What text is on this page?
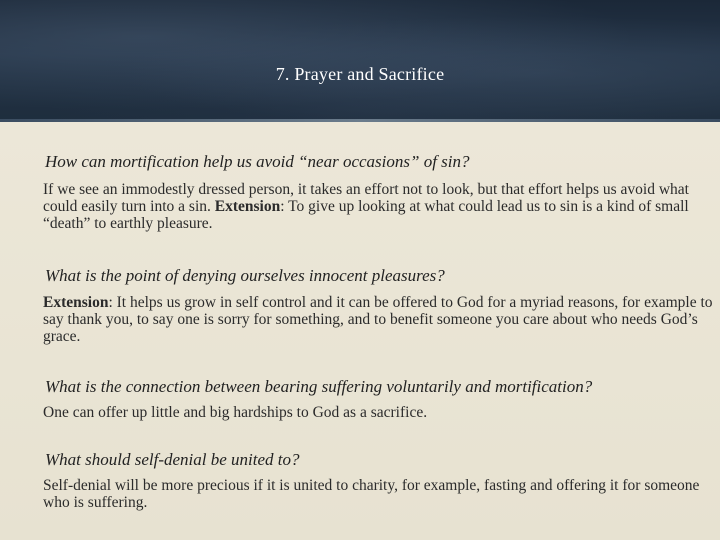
7. Prayer and Sacrifice

How can mortification help us avoid “near occasions” of sin?

If we see an immodestly dressed person, it takes an effort not to look, but that effort helps us avoid what could easily turn into a sin. Extension: To give up looking at what could lead us to sin is a kind of small “death” to earthly pleasure.

What is the point of denying ourselves innocent pleasures?

Extension: It helps us grow in self control and it can be offered to God for a myriad reasons, for example to say thank you, to say one is sorry for something, and to benefit someone you care about who needs God’s grace.

What is the connection between bearing suffering voluntarily and mortification?

One can offer up little and big hardships to God as a sacrifice.

What should self-denial be united to?

Self-denial will be more precious if it is united to charity, for example, fasting and offering it for someone who is suffering.
